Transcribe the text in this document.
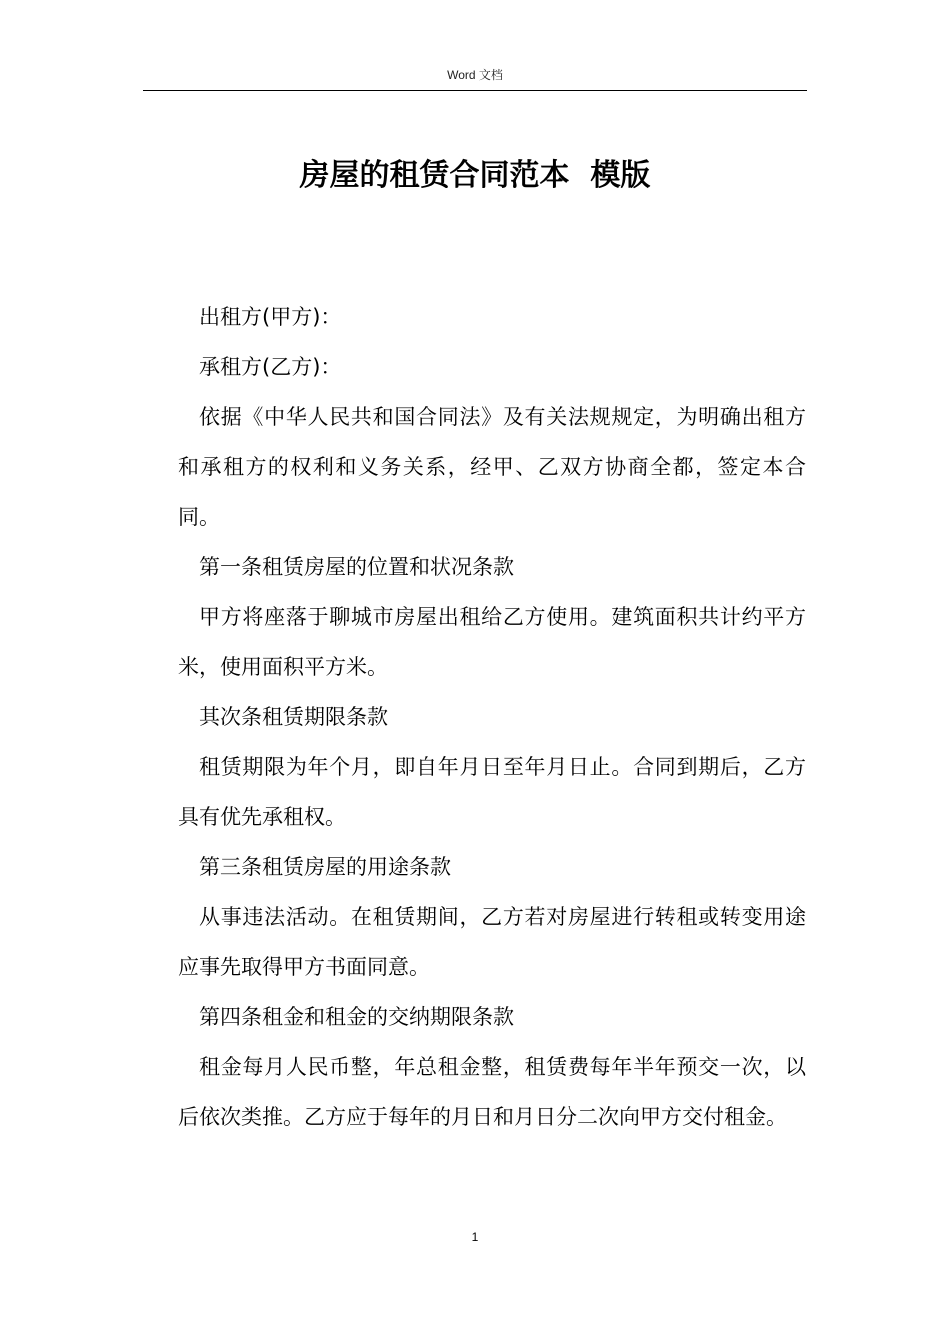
Word 文档
房屋的租赁合同范本  模版

出租方(甲方)：

承租方(乙方)：

依据《中华人民共和国合同法》及有关法规规定，为明确出租方和承租方的权利和义务关系，经甲、乙双方协商全都，签定本合同。

第一条租赁房屋的位置和状况条款

甲方将座落于聊城市房屋出租给乙方使用。建筑面积共计约平方米，使用面积平方米。

其次条租赁期限条款

租赁期限为年个月，即自年月日至年月日止。合同到期后，乙方具有优先承租权。

第三条租赁房屋的用途条款

从事违法活动。在租赁期间，乙方若对房屋进行转租或转变用途应事先取得甲方书面同意。

第四条租金和租金的交纳期限条款

租金每月人民币整，年总租金整，租赁费每年半年预交一次，以后依次类推。乙方应于每年的月日和月日分二次向甲方交付租金。

1
